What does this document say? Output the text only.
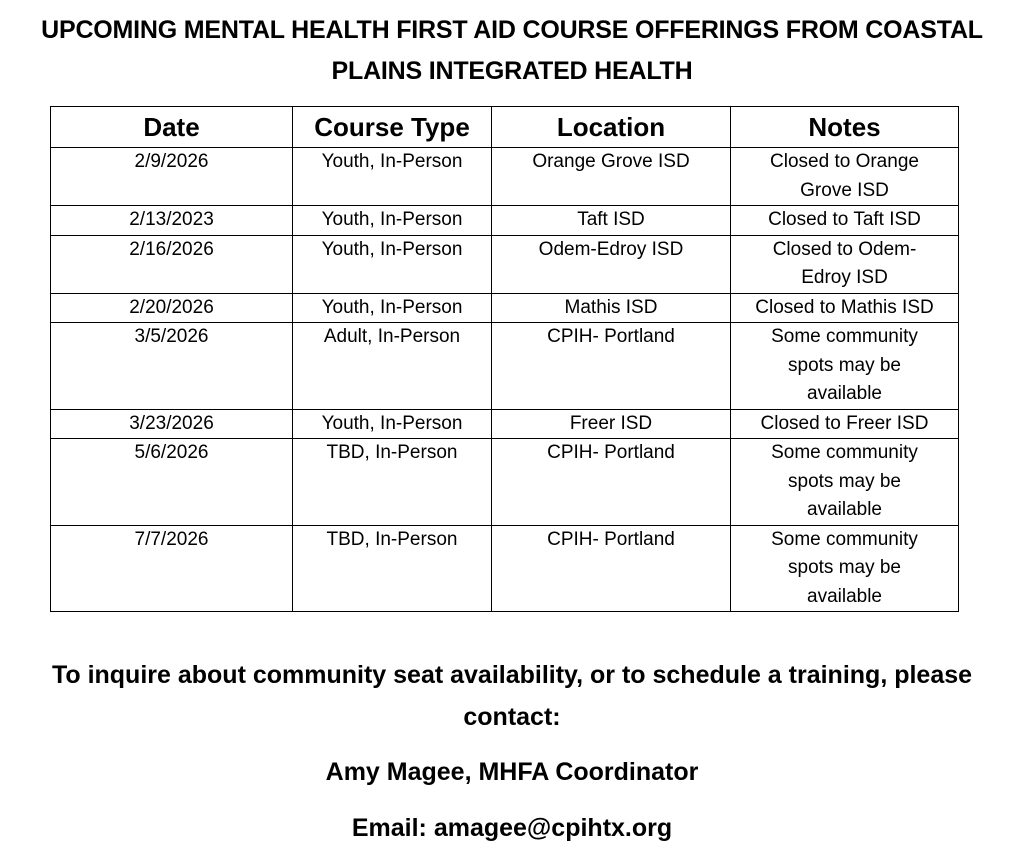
UPCOMING MENTAL HEALTH FIRST AID COURSE OFFERINGS FROM COASTAL PLAINS INTEGRATED HEALTH
Date	Course Type	Location	Notes
2/9/2026	Youth, In-Person	Orange Grove ISD	Closed to Orange Grove ISD
2/13/2023	Youth, In-Person	Taft ISD	Closed to Taft ISD
2/16/2026	Youth, In-Person	Odem-Edroy ISD	Closed to Odem-Edroy ISD
2/20/2026	Youth, In-Person	Mathis ISD	Closed to Mathis ISD
3/5/2026	Adult, In-Person	CPIH- Portland	Some community spots may be available
3/23/2026	Youth, In-Person	Freer ISD	Closed to Freer ISD
5/6/2026	TBD, In-Person	CPIH- Portland	Some community spots may be available
7/7/2026	TBD, In-Person	CPIH- Portland	Some community spots may be available
To inquire about community seat availability, or to schedule a training, please contact:
Amy Magee, MHFA Coordinator
Email: amagee@cpihtx.org
